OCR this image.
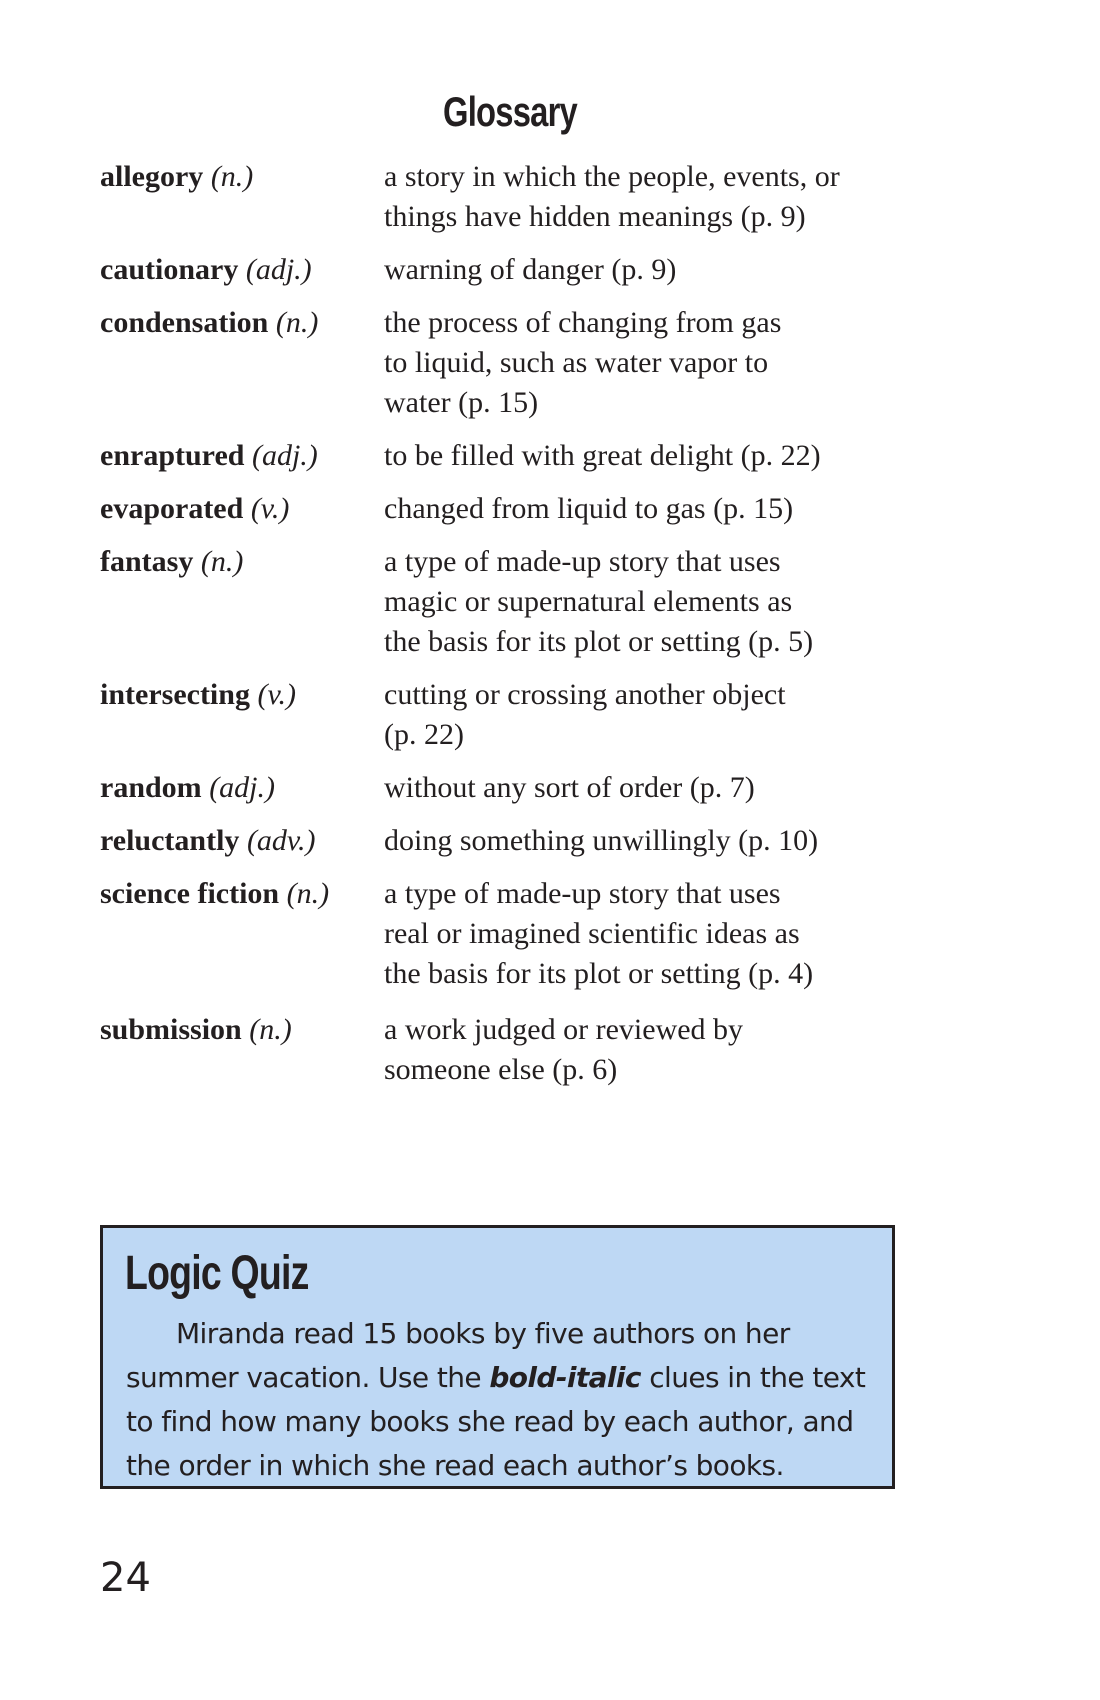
Glossary
allegory (n.)	a story in which the people, events, or
things have hidden meanings (p. 9)
cautionary (adj.)	warning of danger (p. 9)
condensation (n.)	the process of changing from gas
to liquid, such as water vapor to
water (p. 15)
enraptured (adj.)	to be filled with great delight (p. 22)
evaporated (v.)	changed from liquid to gas (p. 15)
fantasy (n.)	a type of made-up story that uses
magic or supernatural elements as
the basis for its plot or setting (p. 5)
intersecting (v.)	cutting or crossing another object
(p. 22)
random (adj.)	without any sort of order (p. 7)
reluctantly (adv.)	doing something unwillingly (p. 10)
science fiction (n.)	a type of made-up story that uses
real or imagined scientific ideas as
the basis for its plot or setting (p. 4)
submission (n.)	a work judged or reviewed by
someone else (p. 6)
Logic Quiz
Miranda read 15 books by five authors on her summer vacation. Use the bold-italic clues in the text to find how many books she read by each author, and the order in which she read each author’s books.
24
